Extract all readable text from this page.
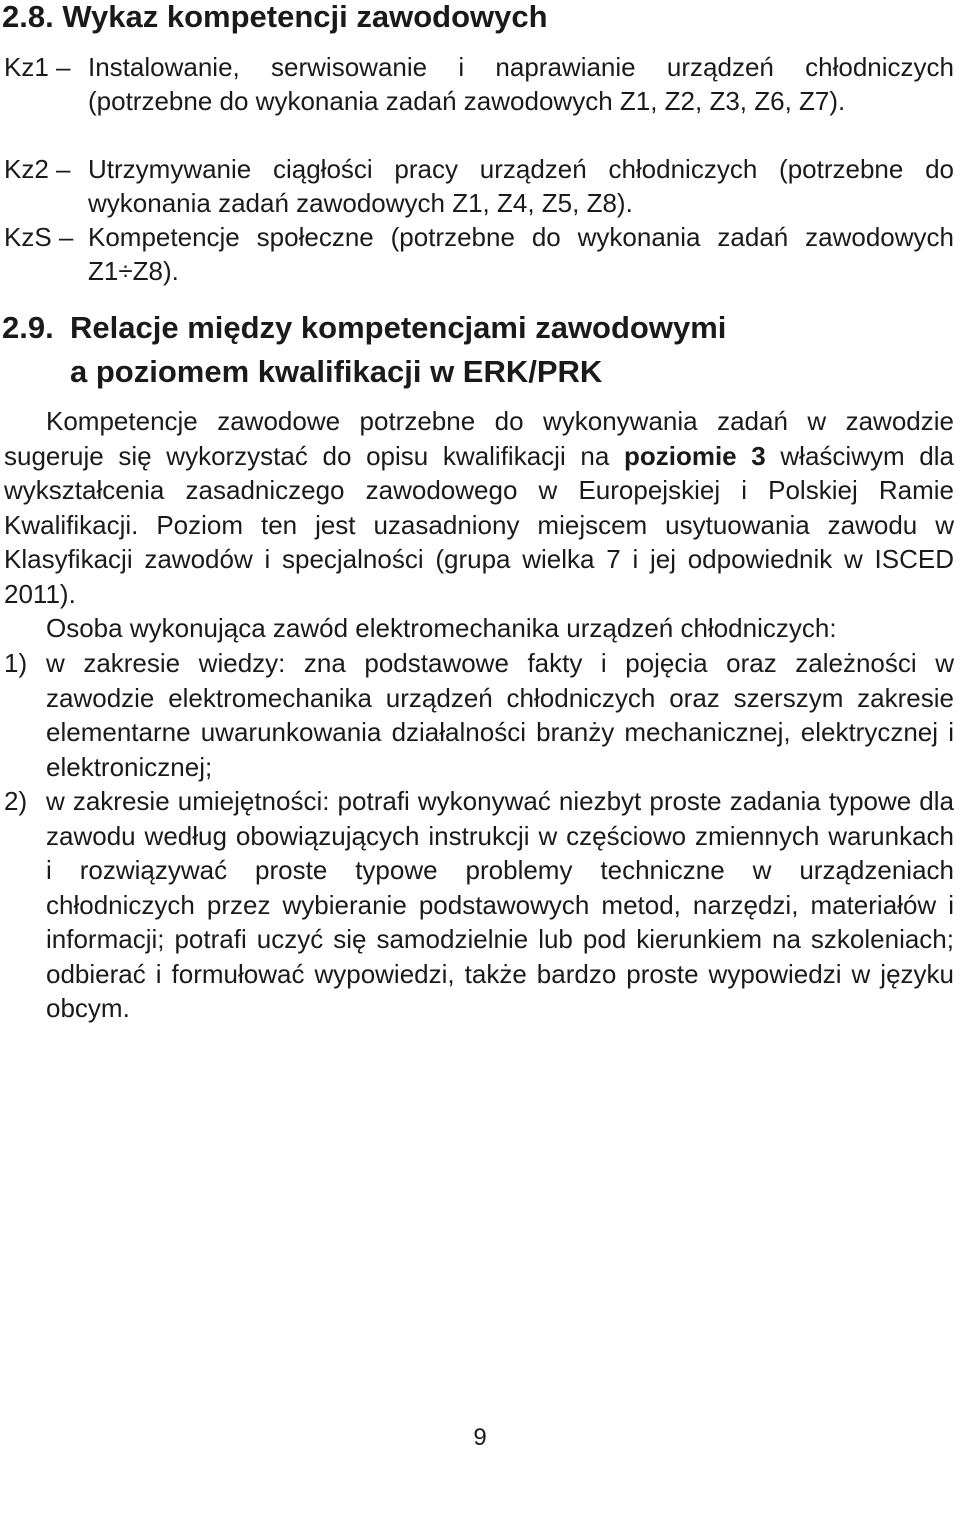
2.8. Wykaz kompetencji zawodowych
Kz1 – Instalowanie, serwisowanie i naprawianie urządzeń chłodniczych (potrzebne do wykonania zadań zawodowych Z1, Z2, Z3, Z6, Z7).
Kz2 – Utrzymywanie ciągłości pracy urządzeń chłodniczych (potrzebne do wykonania zadań zawodowych Z1, Z4, Z5, Z8).
KzS – Kompetencje społeczne (potrzebne do wykonania zadań zawodowych Z1÷Z8).
2.9. Relacje między kompetencjami zawodowymi
a poziomem kwalifikacji w ERK/PRK

Kompetencje zawodowe potrzebne do wykonywania zadań w zawodzie sugeruje się wykorzystać do opisu kwalifikacji na poziomie 3 właściwym dla wykształcenia zasadniczego zawodowego w Europejskiej i Polskiej Ramie Kwalifikacji. Poziom ten jest uzasadniony miejscem usytuowania zawodu w Klasyfikacji zawodów i specjalności (grupa wielka 7 i jej odpowiednik w ISCED 2011).

Osoba wykonująca zawód elektromechanika urządzeń chłodniczych:

1) w zakresie wiedzy: zna podstawowe fakty i pojęcia oraz zależności w zawodzie elektromechanika urządzeń chłodniczych oraz szerszym zakresie elementarne uwarunkowania działalności branży mechanicznej, elektrycznej i elektronicznej;
2) w zakresie umiejętności: potrafi wykonywać niezbyt proste zadania typowe dla zawodu według obowiązujących instrukcji w częściowo zmiennych warunkach i rozwiązywać proste typowe problemy techniczne w urządzeniach chłodniczych przez wybieranie podstawowych metod, narzędzi, materiałów i informacji; potrafi uczyć się samodzielnie lub pod kierunkiem na szkoleniach; odbierać i formułować wypowiedzi, także bardzo proste wypowiedzi w języku obcym.
9
